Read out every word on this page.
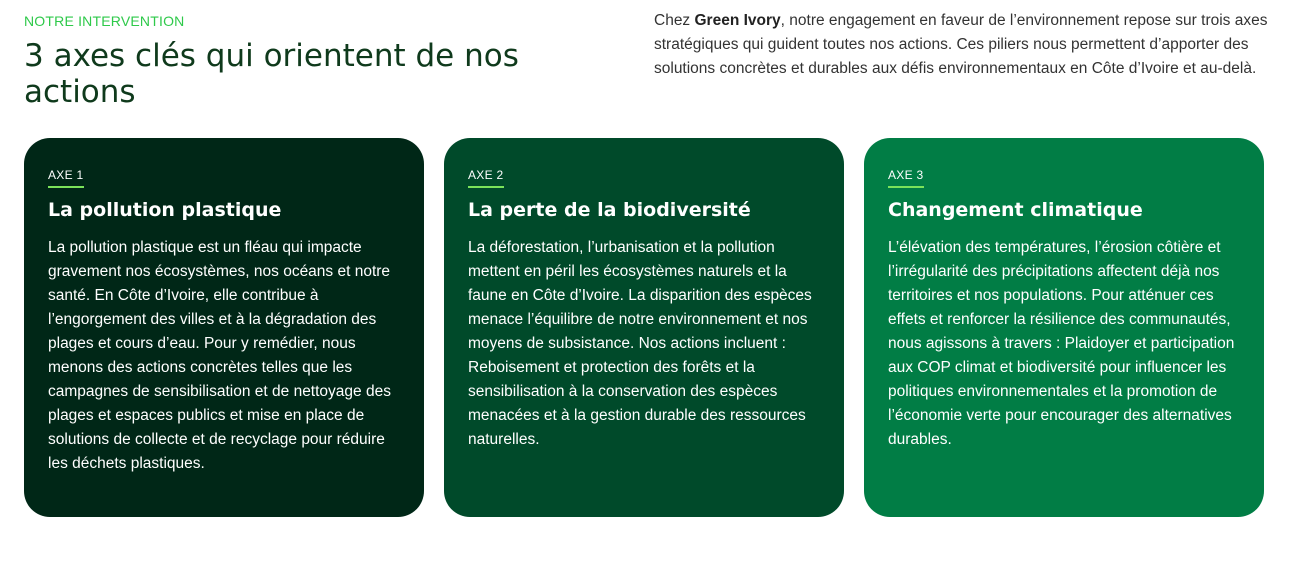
NOTRE INTERVENTION
3 axes clés qui orientent de nos actions

Chez Green Ivory, notre engagement en faveur de l’environnement repose sur trois axes stratégiques qui guident toutes nos actions. Ces piliers nous permettent d’apporter des solutions concrètes et durables aux défis environnementaux en Côte d’Ivoire et au-delà.

AXE 1
La pollution plastique

La pollution plastique est un fléau qui impacte gravement nos écosystèmes, nos océans et notre santé. En Côte d’Ivoire, elle contribue à l’engorgement des villes et à la dégradation des plages et cours d’eau. Pour y remédier, nous menons des actions concrètes telles que les campagnes de sensibilisation et de nettoyage des plages et espaces publics et mise en place de solutions de collecte et de recyclage pour réduire les déchets plastiques.

AXE 2
La perte de la biodiversité

La déforestation, l’urbanisation et la pollution mettent en péril les écosystèmes naturels et la faune en Côte d’Ivoire. La disparition des espèces menace l’équilibre de notre environnement et nos moyens de subsistance. Nos actions incluent : Reboisement et protection des forêts et la sensibilisation à la conservation des espèces menacées et à la gestion durable des ressources naturelles.

AXE 3
Changement climatique

L’élévation des températures, l’érosion côtière et l’irrégularité des précipitations affectent déjà nos territoires et nos populations. Pour atténuer ces effets et renforcer la résilience des communautés, nous agissons à travers : Plaidoyer et participation aux COP climat et biodiversité pour influencer les politiques environnementales et la promotion de l’économie verte pour encourager des alternatives durables.
